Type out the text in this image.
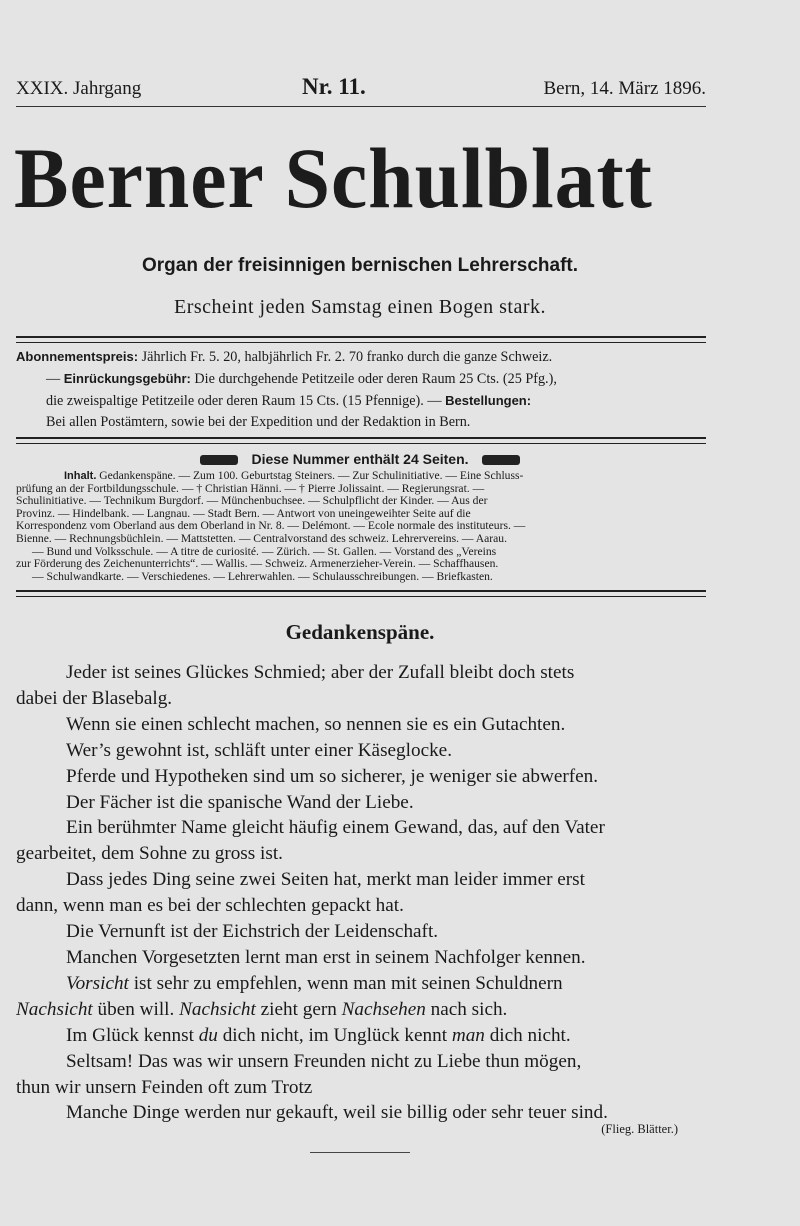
XXIX. Jahrgang	Nr. 11.	Bern, 14. März 1896.
Berner Schulblatt
Organ der freisinnigen bernischen Lehrerschaft.
Erscheint jeden Samstag einen Bogen stark.
Abonnementspreis: Jährlich Fr. 5. 20, halbjährlich Fr. 2. 70 franko durch die ganze Schweiz.
— Einrückungsgebühr: Die durchgehende Petitzeile oder deren Raum 25 Cts. (25 Pfg.),
die zweispaltige Petitzeile oder deren Raum 15 Cts. (15 Pfennige). — Bestellungen:
Bei allen Postämtern, sowie bei der Expedition und der Redaktion in Bern.
Diese Nummer enthält 24 Seiten.
Inhalt. Gedankenspäne. — Zum 100. Geburtstag Steiners. — Zur Schulinitiative. — Eine Schluss-
prüfung an der Fortbildungsschule. — † Christian Hänni. — † Pierre Jolissaint. — Regierungsrat. —
Schulinitiative. — Technikum Burgdorf. — Münchenbuchsee. — Schulpflicht der Kinder. — Aus der
Provinz. — Hindelbank. — Langnau. — Stadt Bern. — Antwort von uneingeweihter Seite auf die
Korrespondenz vom Oberland aus dem Oberland in Nr. 8. — Delémont. — Ecole normale des instituteurs. —
Bienne. — Rechnungsbüchlein. — Mattstetten. — Centralvorstand des schweiz. Lehrervereins. — Aarau.
— Bund und Volksschule. — A titre de curiosité. — Zürich. — St. Gallen. — Vorstand des „Vereins
zur Förderung des Zeichenunterrichts“. — Wallis. — Schweiz. Armenerzieher-Verein. — Schaffhausen.
— Schulwandkarte. — Verschiedenes. — Lehrerwahlen. — Schulausschreibungen. — Briefkasten.
Gedankenspäne.
Jeder ist seines Glückes Schmied; aber der Zufall bleibt doch stets
dabei der Blasebalg.
Wenn sie einen schlecht machen, so nennen sie es ein Gutachten.
Wer’s gewohnt ist, schläft unter einer Käseglocke.
Pferde und Hypotheken sind um so sicherer, je weniger sie abwerfen.
Der Fächer ist die spanische Wand der Liebe.
Ein berühmter Name gleicht häufig einem Gewand, das, auf den Vater
gearbeitet, dem Sohne zu gross ist.
Dass jedes Ding seine zwei Seiten hat, merkt man leider immer erst
dann, wenn man es bei der schlechten gepackt hat.
Die Vernunft ist der Eichstrich der Leidenschaft.
Manchen Vorgesetzten lernt man erst in seinem Nachfolger kennen.
Vorsicht ist sehr zu empfehlen, wenn man mit seinen Schuldnern
Nachsicht üben will. Nachsicht zieht gern Nachsehen nach sich.
Im Glück kennst du dich nicht, im Unglück kennt man dich nicht.
Seltsam! Das was wir unsern Freunden nicht zu Liebe thun mögen,
thun wir unsern Feinden oft zum Trotz
Manche Dinge werden nur gekauft, weil sie billig oder sehr teuer sind.
(Flieg. Blätter.)
